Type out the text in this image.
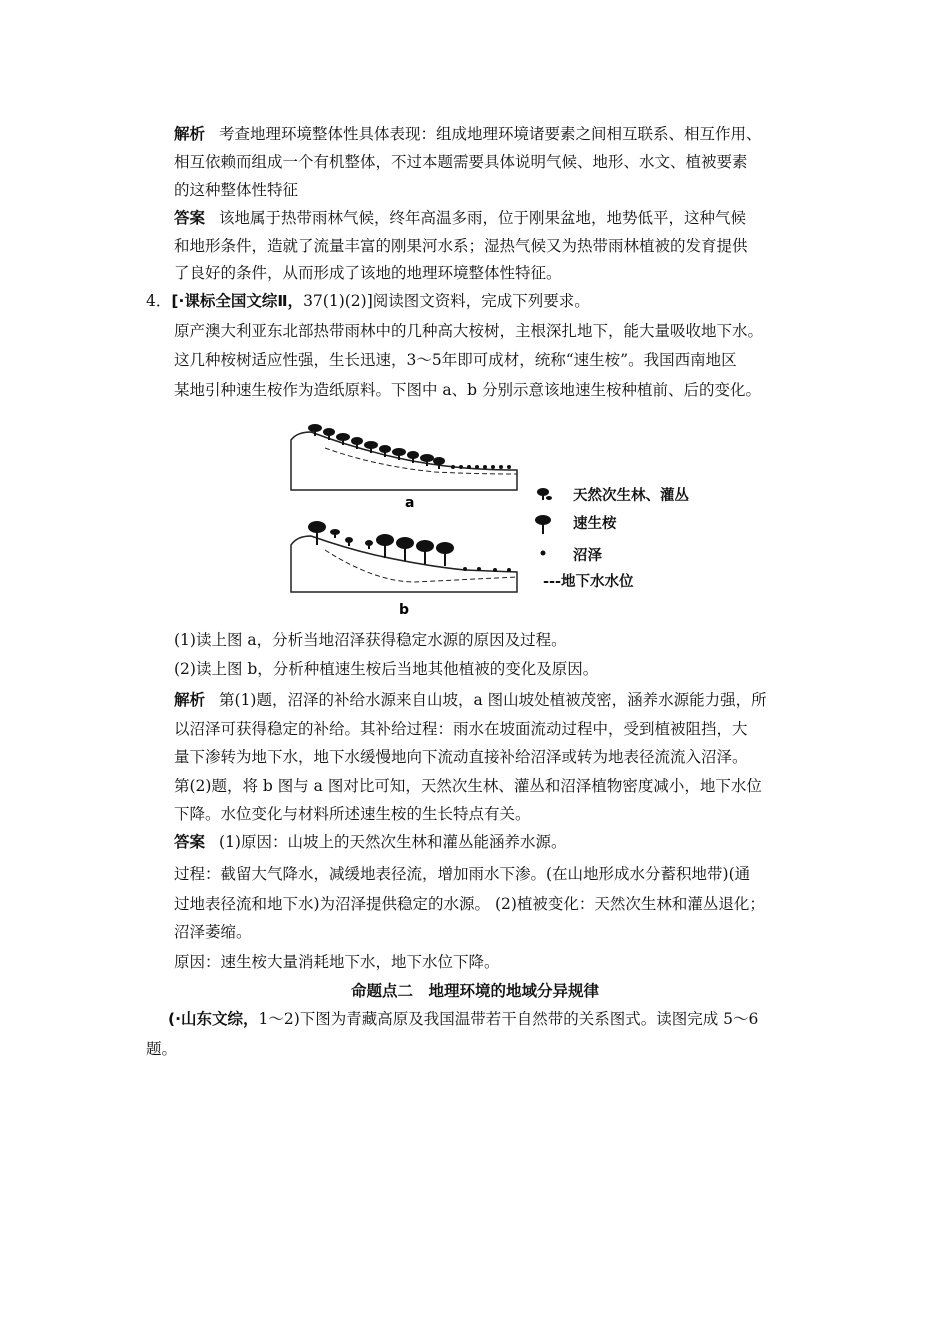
解析 考查地理环境整体性具体表现：组成地理环境诸要素之间相互联系、相互作用、
相互依赖而组成一个有机整体，不过本题需要具体说明气候、地形、水文、植被要素
的这种整体性特征
答案 该地属于热带雨林气候，终年高温多雨，位于刚果盆地，地势低平，这种气候
和地形条件，造就了流量丰富的刚果河水系；湿热气候又为热带雨林植被的发育提供
了良好的条件，从而形成了该地的地理环境整体性特征。
4．[·课标全国文综Ⅱ，37(1)(2)]阅读图文资料，完成下列要求。
原产澳大利亚东北部热带雨林中的几种高大桉树，主根深扎地下，能大量吸收地下水。
这几种桉树适应性强，生长迅速，3～5年即可成材，统称“速生桉”。我国西南地区
某地引种速生桉作为造纸原料。下图中 a、b 分别示意该地速生桉种植前、后的变化。
a
b
天然次生林、灌丛
速生桉
沼泽
---地下水水位
(1)读上图 a，分析当地沼泽获得稳定水源的原因及过程。
(2)读上图 b，分析种植速生桉后当地其他植被的变化及原因。
解析 第(1)题，沼泽的补给水源来自山坡，a 图山坡处植被茂密，涵养水源能力强，所
以沼泽可获得稳定的补给。其补给过程：雨水在坡面流动过程中，受到植被阻挡，大
量下渗转为地下水，地下水缓慢地向下流动直接补给沼泽或转为地表径流流入沼泽。
第(2)题，将 b 图与 a 图对比可知，天然次生林、灌丛和沼泽植物密度减小，地下水位
下降。水位变化与材料所述速生桉的生长特点有关。
答案 (1)原因：山坡上的天然次生林和灌丛能涵养水源。
过程：截留大气降水，减缓地表径流，增加雨水下渗。(在山地形成水分蓄积地带)(通
过地表径流和地下水)为沼泽提供稳定的水源。 (2)植被变化：天然次生林和灌丛退化；
沼泽萎缩。
原因：速生桉大量消耗地下水，地下水位下降。
命题点二　地理环境的地域分异规律
(·山东文综，1～2)下图为青藏高原及我国温带若干自然带的关系图式。读图完成 5～6
题。
